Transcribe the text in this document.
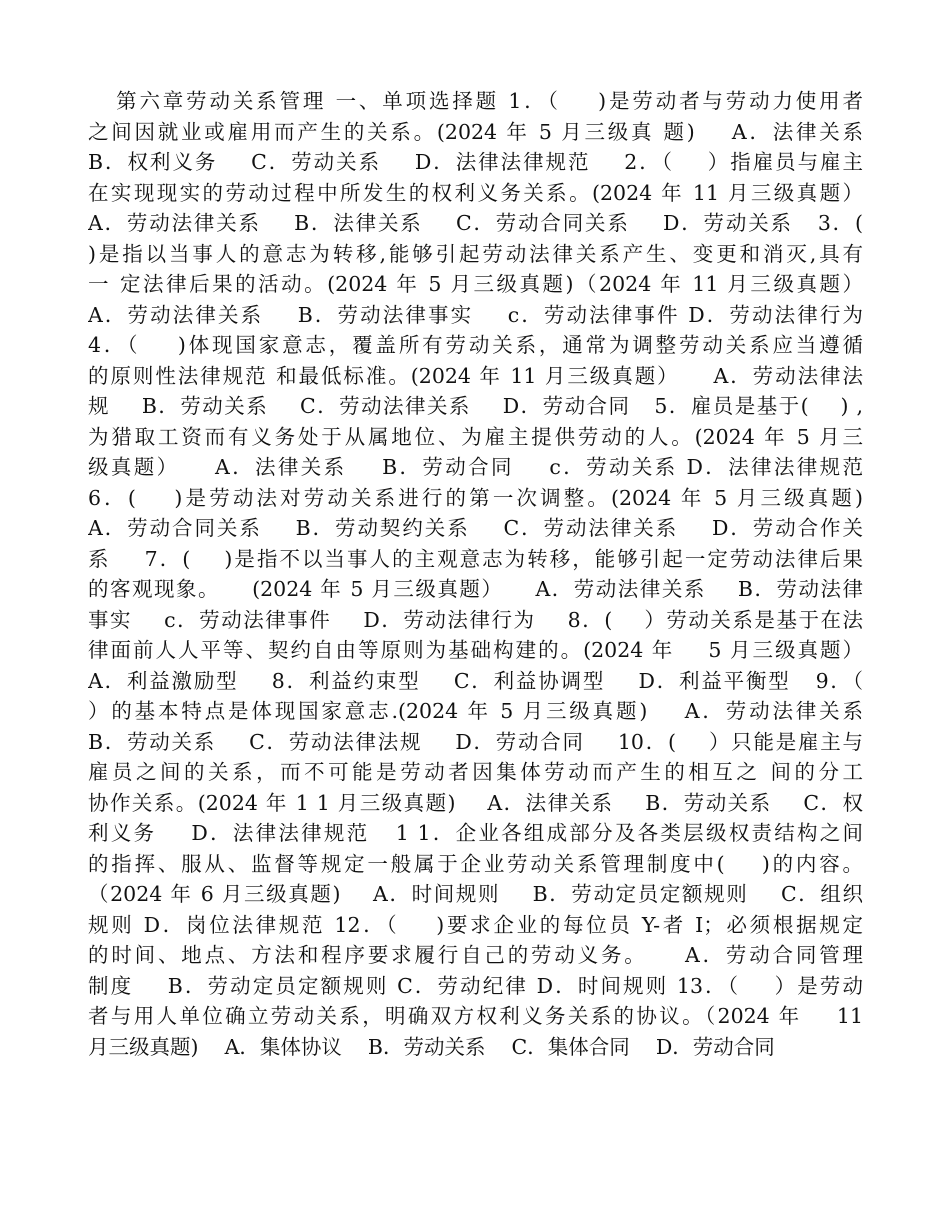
第六章劳动关系管理 一、单项选择题 1．（    )是劳动者与劳动力使用者
之间因就业或雇用而产生的关系。(2024 年 5 月三级真 题)    A．法律关系
B．权利义务    C．劳动关系    D．法律法律规范    2．（    ）指雇员与雇主
在实现现实的劳动过程中所发生的权利义务关系。(2024 年 11 月三级真题）
A．劳动法律关系    B．法律关系    C．劳动合同关系    D．劳动关系   3．(
)是指以当事人的意志为转移,能够引起劳动法律关系产生、变更和消灭,具有
一 定法律后果的活动。(2024 年 5 月三级真题)（2024 年 11 月三级真题）
A．劳动法律关系    B．劳动法律事实    c．劳动法律事件 D．劳动法律行为
4．（    )体现国家意志，覆盖所有劳动关系，通常为调整劳动关系应当遵循
的原则性法律规范 和最低标准。(2024 年 11 月三级真题）    A．劳动法律法
规    B．劳动关系    C．劳动法律关系    D．劳动合同   5．雇员是基于(    ) ,
为猎取工资而有义务处于从属地位、为雇主提供劳动的人。(2024 年 5 月三
级真题）    A．法律关系    B．劳动合同    c．劳动关系 D．法律法律规范
6．(    )是劳动法对劳动关系进行的第一次调整。(2024 年 5 月三级真题)
A．劳动合同关系    B．劳动契约关系    C．劳动法律关系    D．劳动合作关
系    7．(    )是指不以当事人的主观意志为转移，能够引起一定劳动法律后果
的客观现象。    (2024 年 5 月三级真题）    A．劳动法律关系    B．劳动法律
事实    c．劳动法律事件    D．劳动法律行为    8．(    ）劳动关系是基于在法
律面前人人平等、契约自由等原则为基础构建的。(2024 年    5 月三级真题）
A．利益激励型    8．利益约束型    C．利益协调型    D．利益平衡型   9．（
）的基本特点是体现国家意志.(2024 年 5 月三级真题)    A．劳动法律关系
B．劳动关系    C．劳动法律法规    D．劳动合同    10．(    ）只能是雇主与
雇员之间的关系，而不可能是劳动者因集体劳动而产生的相互之 间的分工
协作关系。(2024 年 1 1 月三级真题)    A．法律关系    B．劳动关系    C．权
利义务    D．法律法律规范   1 1．企业各组成部分及各类层级权责结构之间
的指挥、服从、监督等规定一般属于企业劳动关系管理制度中(    )的内容。
（2024 年 6 月三级真题)    A．时间规则    B．劳动定员定额规则    C．组织
规则 D．岗位法律规范 12．（    )要求企业的每位员 Y-者 I；必须根据规定
的时间、地点、方法和程序要求履行自己的劳动义务。    A．劳动合同管理
制度    B．劳动定员定额规则 C．劳动纪律 D．时间规则 13．（    ）是劳动
者与用人单位确立劳动关系，明确双方权利义务关系的协议。（2024 年    11
月三级真题)    A．集体协议    B．劳动关系    C．集体合同    D．劳动合同
